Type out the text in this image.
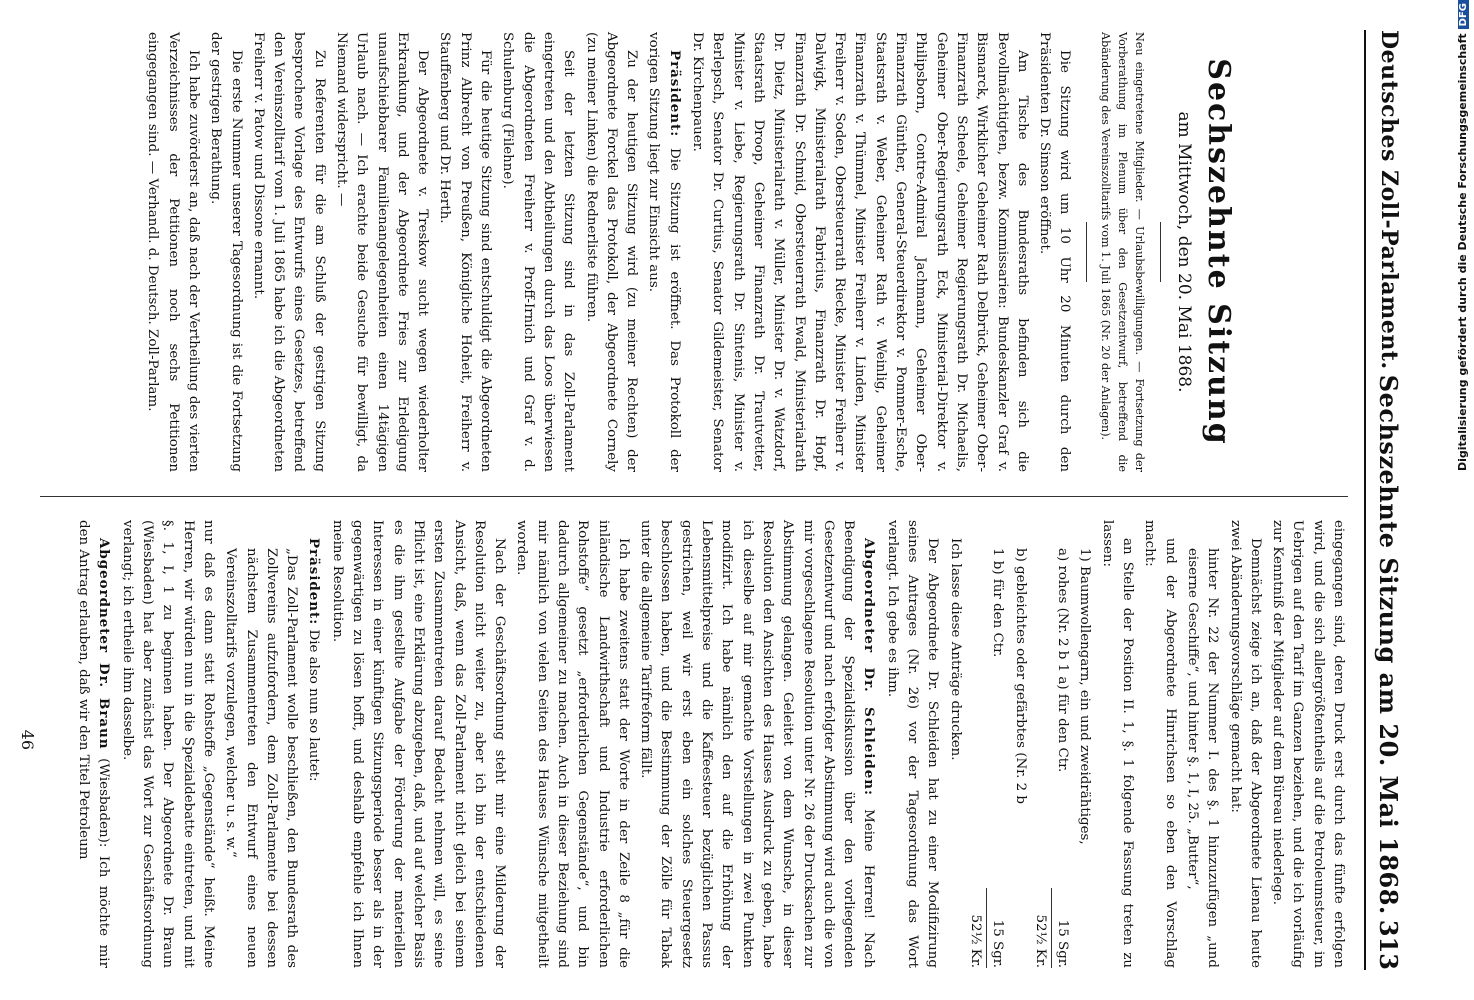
Deutsches Zoll-Parlament.
Sechszehnte Sitzung am 20. Mai 1868.
313
Sechszehnte Sitzung
am Mittwoch, den 20. Mai 1868.

Neu eingetretene Mitglieder. — Urlaubsbewilligungen. — Fortsetzung der Vorberathung im Plenum über den Gesetzentwurf, betreffend die Abänderung des Vereinszolltarifs vom 1. Juli 1865 (Nr. 20 der Anlagen).

Die Sitzung wird um 10 Uhr 20 Minuten durch den Präsidenten Dr. Simson eröffnet.

Am Tische des Bundesraths befinden sich die Bevollmächtigten, bezw. Kommissarien: Bundeskanzler Graf v. Bismarck, Wirklicher Geheimer Rath Delbrück, Geheimer Ober-Finanzrath Scheele, Geheimer Regierungsrath Dr. Michaelis, Geheimer Ober-Regierungsrath Eck, Ministerial-Direktor v. Philipsborn, Contre-Admiral Jachmann, Geheimer Ober-Finanzrath Günther, General-Steuerdirektor v. Pommer-Esche, Staatsrath v. Weber, Geheimer Rath v. Weinlig, Geheimer Finanzrath v. Thümmel, Minister Freiherr v. Linden, Minister Freiherr v. Soden, Obersteuerrath Riecke, Minister Freiherr v. Dalwigk, Ministerialrath Fabricius, Finanzrath Dr. Hopf, Finanzrath Dr. Schmid, Obersteuerrath Ewald, Ministerialrath Dr. Dietz, Ministerialrath v. Müller, Minister Dr. v. Watzdorf, Staatsrath Droop, Geheimer Finanzrath Dr. Trautvetter, Minister v. Liebe, Regierungsrath Dr. Sintenis, Minister v. Berlepsch, Senator Dr. Curtius, Senator Gildemeister, Senator Dr. Kirchenpauer.

Präsident: Die Sitzung ist eröffnet. Das Protokoll der vorigen Sitzung liegt zur Einsicht aus.

Zu der heutigen Sitzung wird (zu meiner Rechten) der Abgeordnete Forckel das Protokoll, der Abgeordnete Cornely (zu meiner Linken) die Rednerliste führen.

Seit der letzten Sitzung sind in das Zoll-Parlament eingetreten und den Abtheilungen durch das Loos überwiesen die Abgeordneten Freiherr v. Proff-Irnich und Graf v. d. Schulenburg (Filehne).

Für die heutige Sitzung sind entschuldigt die Abgeordneten Prinz Albrecht von Preußen, Königliche Hoheit, Freiherr v. Stauffenberg und Dr. Herth.

Der Abgeordnete v. Treskow sucht wegen wiederholter Erkrankung, und der Abgeordnete Fries zur Erledigung unaufschiebbarer Familienangelegenheiten einen 14tägigen Urlaub nach. — Ich erachte beide Gesuche für bewilligt, da Niemand widerspricht. —

Zu Referenten für die am Schluß der gestrigen Sitzung besprochene Vorlage des Entwurfs eines Gesetzes, betreffend den Vereinszolltarif vom 1. Juli 1865 habe ich die Abgeordneten Freiherr v. Patow und Dissone ernannt.

Die erste Nummer unserer Tagesordnung ist die Fortsetzung der gestrigen Berathung.

Ich habe zuvörderst an, daß nach der Vertheilung des vierten Verzeichnisses der Petitionen noch sechs Petitionen eingegangen sind. — Verhandl. d. Deutsch. Zoll-Parlam.

eingegangen sind, deren Druck erst durch das fünfte erfolgen wird, und die sich allergrößtentheils auf die Petroleumsteuer, im Uebrigen auf den Tarif im Ganzen beziehen, und die ich vorläufig zur Kenntniß der Mitglieder auf dem Büreau niederlege.

Demnächst zeige ich an, daß der Abgeordnete Lienau heute zwei Abänderungsvorschläge gemacht hat:

hinter Nr. 22 der Nummer I. des §. 1 hinzuzufügen „und eiserne Geschiffe“, und hinter §. 1, I, 25. „Butter“,

und der Abgeordnete Hinrichsen so eben den Vorschlag macht:

an Stelle der Position II. 1, §. 1 folgende Fassung treten zu lassen:

1) Baumwollengarn, ein und zweidrähtiges,

a) rohes (Nr. 2 b 1 a) für den Ctr.
15 Sgr.
52½ Kr.

b) gebleichtes oder gefärbtes (Nr. 2 b

1 b) für den Ctr.
15 Sgr.
52½ Kr.

Ich lasse diese Anträge drucken.

Der Abgeordnete Dr. Schleiden hat zu einer Modifizirung seines Antrages (Nr. 26) vor der Tagesordnung das Wort verlangt. Ich gebe es ihm.

Abgeordneter Dr. Schleiden: Meine Herren! Nach Beendigung der Spezialdiskussion über den vorliegenden Gesetzentwurf und nach erfolgter Abstimmung wird auch die von mir vorgeschlagene Resolution unter Nr. 26 der Drucksachen zur Abstimmung gelangen. Geleitet von dem Wunsche, in dieser Resolution den Ansichten des Hauses Ausdruck zu geben, habe ich dieselbe auf mir gemachte Vorstellungen in zwei Punkten modifizirt. Ich habe nämlich den auf die Erhöhung der Lebensmittelpreise und die Kaffeesteuer bezüglichen Passus gestrichen, weil wir erst eben ein solches Steuergesetz beschlossen haben, und die Bestimmung der Zölle für Tabak unter die allgemeine Tarifreform fällt.

Ich habe zweitens statt der Worte in der Zeile 8 „für die inländische Landwirthschaft und Industrie erforderlichen Rohstoffe“ gesetzt „erforderlichen Gegenstände“, und bin dadurch allgemeiner zu machen. Auch in dieser Beziehung sind mir nämlich von vielen Seiten des Hauses Wünsche mitgetheilt worden.

Nach der Geschäftsordnung steht mir eine Milderung der Resolution nicht weiter zu, aber ich bin der entschiedenen Ansicht, daß, wenn das Zoll-Parlament nicht gleich bei seinem ersten Zusammentreten darauf Bedacht nehmen will, es seine Pflicht ist, eine Erklärung abzugeben, daß, und auf welcher Basis es die ihm gestellte Aufgabe der Förderung der materiellen Interessen in einer künftigen Sitzungsperiode besser als in der gegenwärtigen zu lösen hofft, und deshalb empfehle ich Ihnen meine Resolution.

Präsident: Die also nun so lautet:

„Das Zoll-Parlament wolle beschließen, den Bundesrath des Zollvereins aufzufordern, dem Zoll-Parlamente bei dessen nächstem Zusammentreten den Entwurf eines neuen Vereinszolltarifs vorzulegen, welcher u. s. w.“

nur daß es dann statt Rohstoffe „Gegenstände“ heißt. Meine Herren, wir würden nun in die Spezialdebatte eintreten, und mit §. 1, I, 1 zu beginnen haben. Der Abgeordnete Dr. Braun (Wiesbaden) hat aber zunächst das Wort zur Geschäftsordnung verlangt; ich ertheile ihm dasselbe.

Abgeordneter Dr. Braun (Wiesbaden): Ich möchte mir den Antrag erlauben, daß wir den Titel Petroleum

46
Digitalisierung gefördert durch die Deutsche ForschungsgemeinschaftDFG
